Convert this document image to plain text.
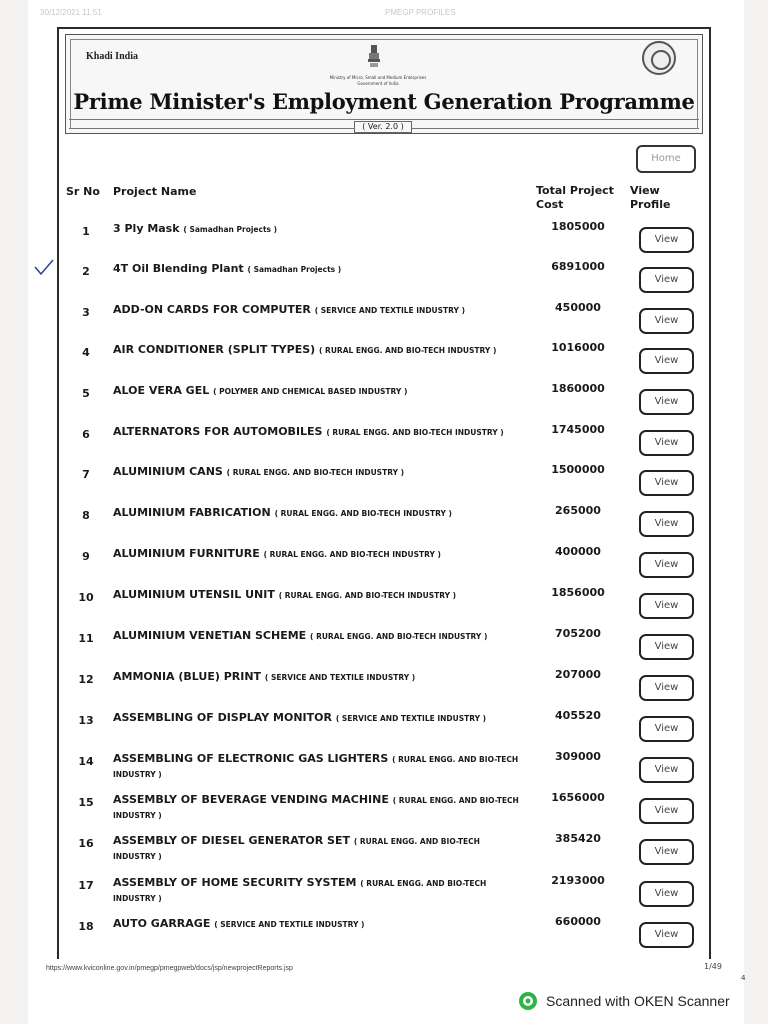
30/12/2021 11:51	PMEGP PROFILES
Khadi India
Ministry of Micro, Small and Medium Enterprises
Government of India
Prime Minister's Employment Generation Programme
( Ver. 2.0 )
Home
Sr No Project Name	Total Project
Cost
View
Profile
1	3 Ply Mask ( Samadhan Projects )	1805000
View
2	4T Oil Blending Plant ( Samadhan Projects )	6891000
View
3	ADD-ON CARDS FOR COMPUTER ( SERVICE AND TEXTILE INDUSTRY )	450000
View
4	AIR CONDITIONER (SPLIT TYPES) ( RURAL ENGG. AND BIO-TECH INDUSTRY )	1016000
View
5	ALOE VERA GEL ( POLYMER AND CHEMICAL BASED INDUSTRY )	1860000
View
6	ALTERNATORS FOR AUTOMOBILES ( RURAL ENGG. AND BIO-TECH INDUSTRY )	1745000
View
7	ALUMINIUM CANS ( RURAL ENGG. AND BIO-TECH INDUSTRY )	1500000
View
8	ALUMINIUM FABRICATION ( RURAL ENGG. AND BIO-TECH INDUSTRY )	265000
View
9	ALUMINIUM FURNITURE ( RURAL ENGG. AND BIO-TECH INDUSTRY )	400000
View
10 ALUMINIUM UTENSIL UNIT ( RURAL ENGG. AND BIO-TECH INDUSTRY )	1856000
View
11 ALUMINIUM VENETIAN SCHEME ( RURAL ENGG. AND BIO-TECH INDUSTRY )	705200
View
12 AMMONIA (BLUE) PRINT ( SERVICE AND TEXTILE INDUSTRY )	207000
View
13 ASSEMBLING OF DISPLAY MONITOR ( SERVICE AND TEXTILE INDUSTRY )	405520
View
14 ASSEMBLING OF ELECTRONIC GAS LIGHTERS ( RURAL ENGG. AND BIO-TECH INDUSTRY )
309000
View
15 ASSEMBLY OF BEVERAGE VENDING MACHINE ( RURAL ENGG. AND BIO-TECH INDUSTRY )
1656000
View
16 ASSEMBLY OF DIESEL GENERATOR SET ( RURAL ENGG. AND BIO-TECH INDUSTRY )
385420
View
17 ASSEMBLY OF HOME SECURITY SYSTEM ( RURAL ENGG. AND BIO-TECH INDUSTRY )
2193000
View
18 AUTO GARRAGE ( SERVICE AND TEXTILE INDUSTRY )	660000
View
https://www.kviconline.gov.in/pmegp/pmegpweb/docs/jsp/newprojectReports.jsp	1/49
4
Scanned with OKEN Scanner
